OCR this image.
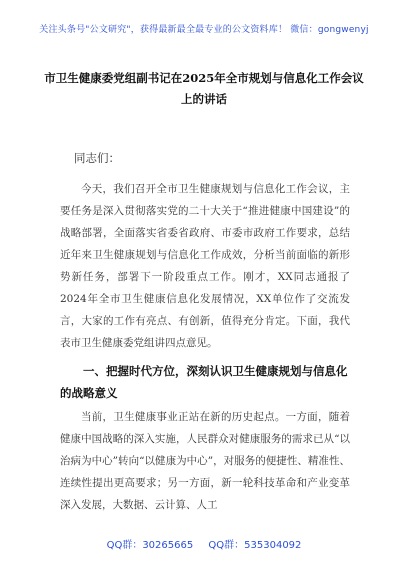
关注头条号"公文研究"，获得最新最全最专业的公文资料库！ 微信：gongwenyj
市卫生健康委党组副书记在2025年全市规划与信息化工作会议上的讲话
同志们：
今天，我们召开全市卫生健康规划与信息化工作会议，主要任务是深入贯彻落实党的二十大关于“推进健康中国建设”的战略部署，全面落实省委省政府、市委市政府工作要求，总结近年来卫生健康规划与信息化工作成效，分析当前面临的新形势新任务，部署下一阶段重点工作。刚才，XX同志通报了2024年全市卫生健康信息化发展情况，XX单位作了交流发言，大家的工作有亮点、有创新，值得充分肯定。下面，我代表市卫生健康委党组讲四点意见。
一、把握时代方位，深刻认识卫生健康规划与信息化的战略意义
当前，卫生健康事业正站在新的历史起点。一方面，随着健康中国战略的深入实施，人民群众对健康服务的需求已从“以治病为中心”转向“以健康为中心”，对服务的便捷性、精准性、连续性提出更高要求；另一方面，新一轮科技革命和产业变革深入发展，大数据、云计算、人工
QQ群：30265665 QQ群：535304092
